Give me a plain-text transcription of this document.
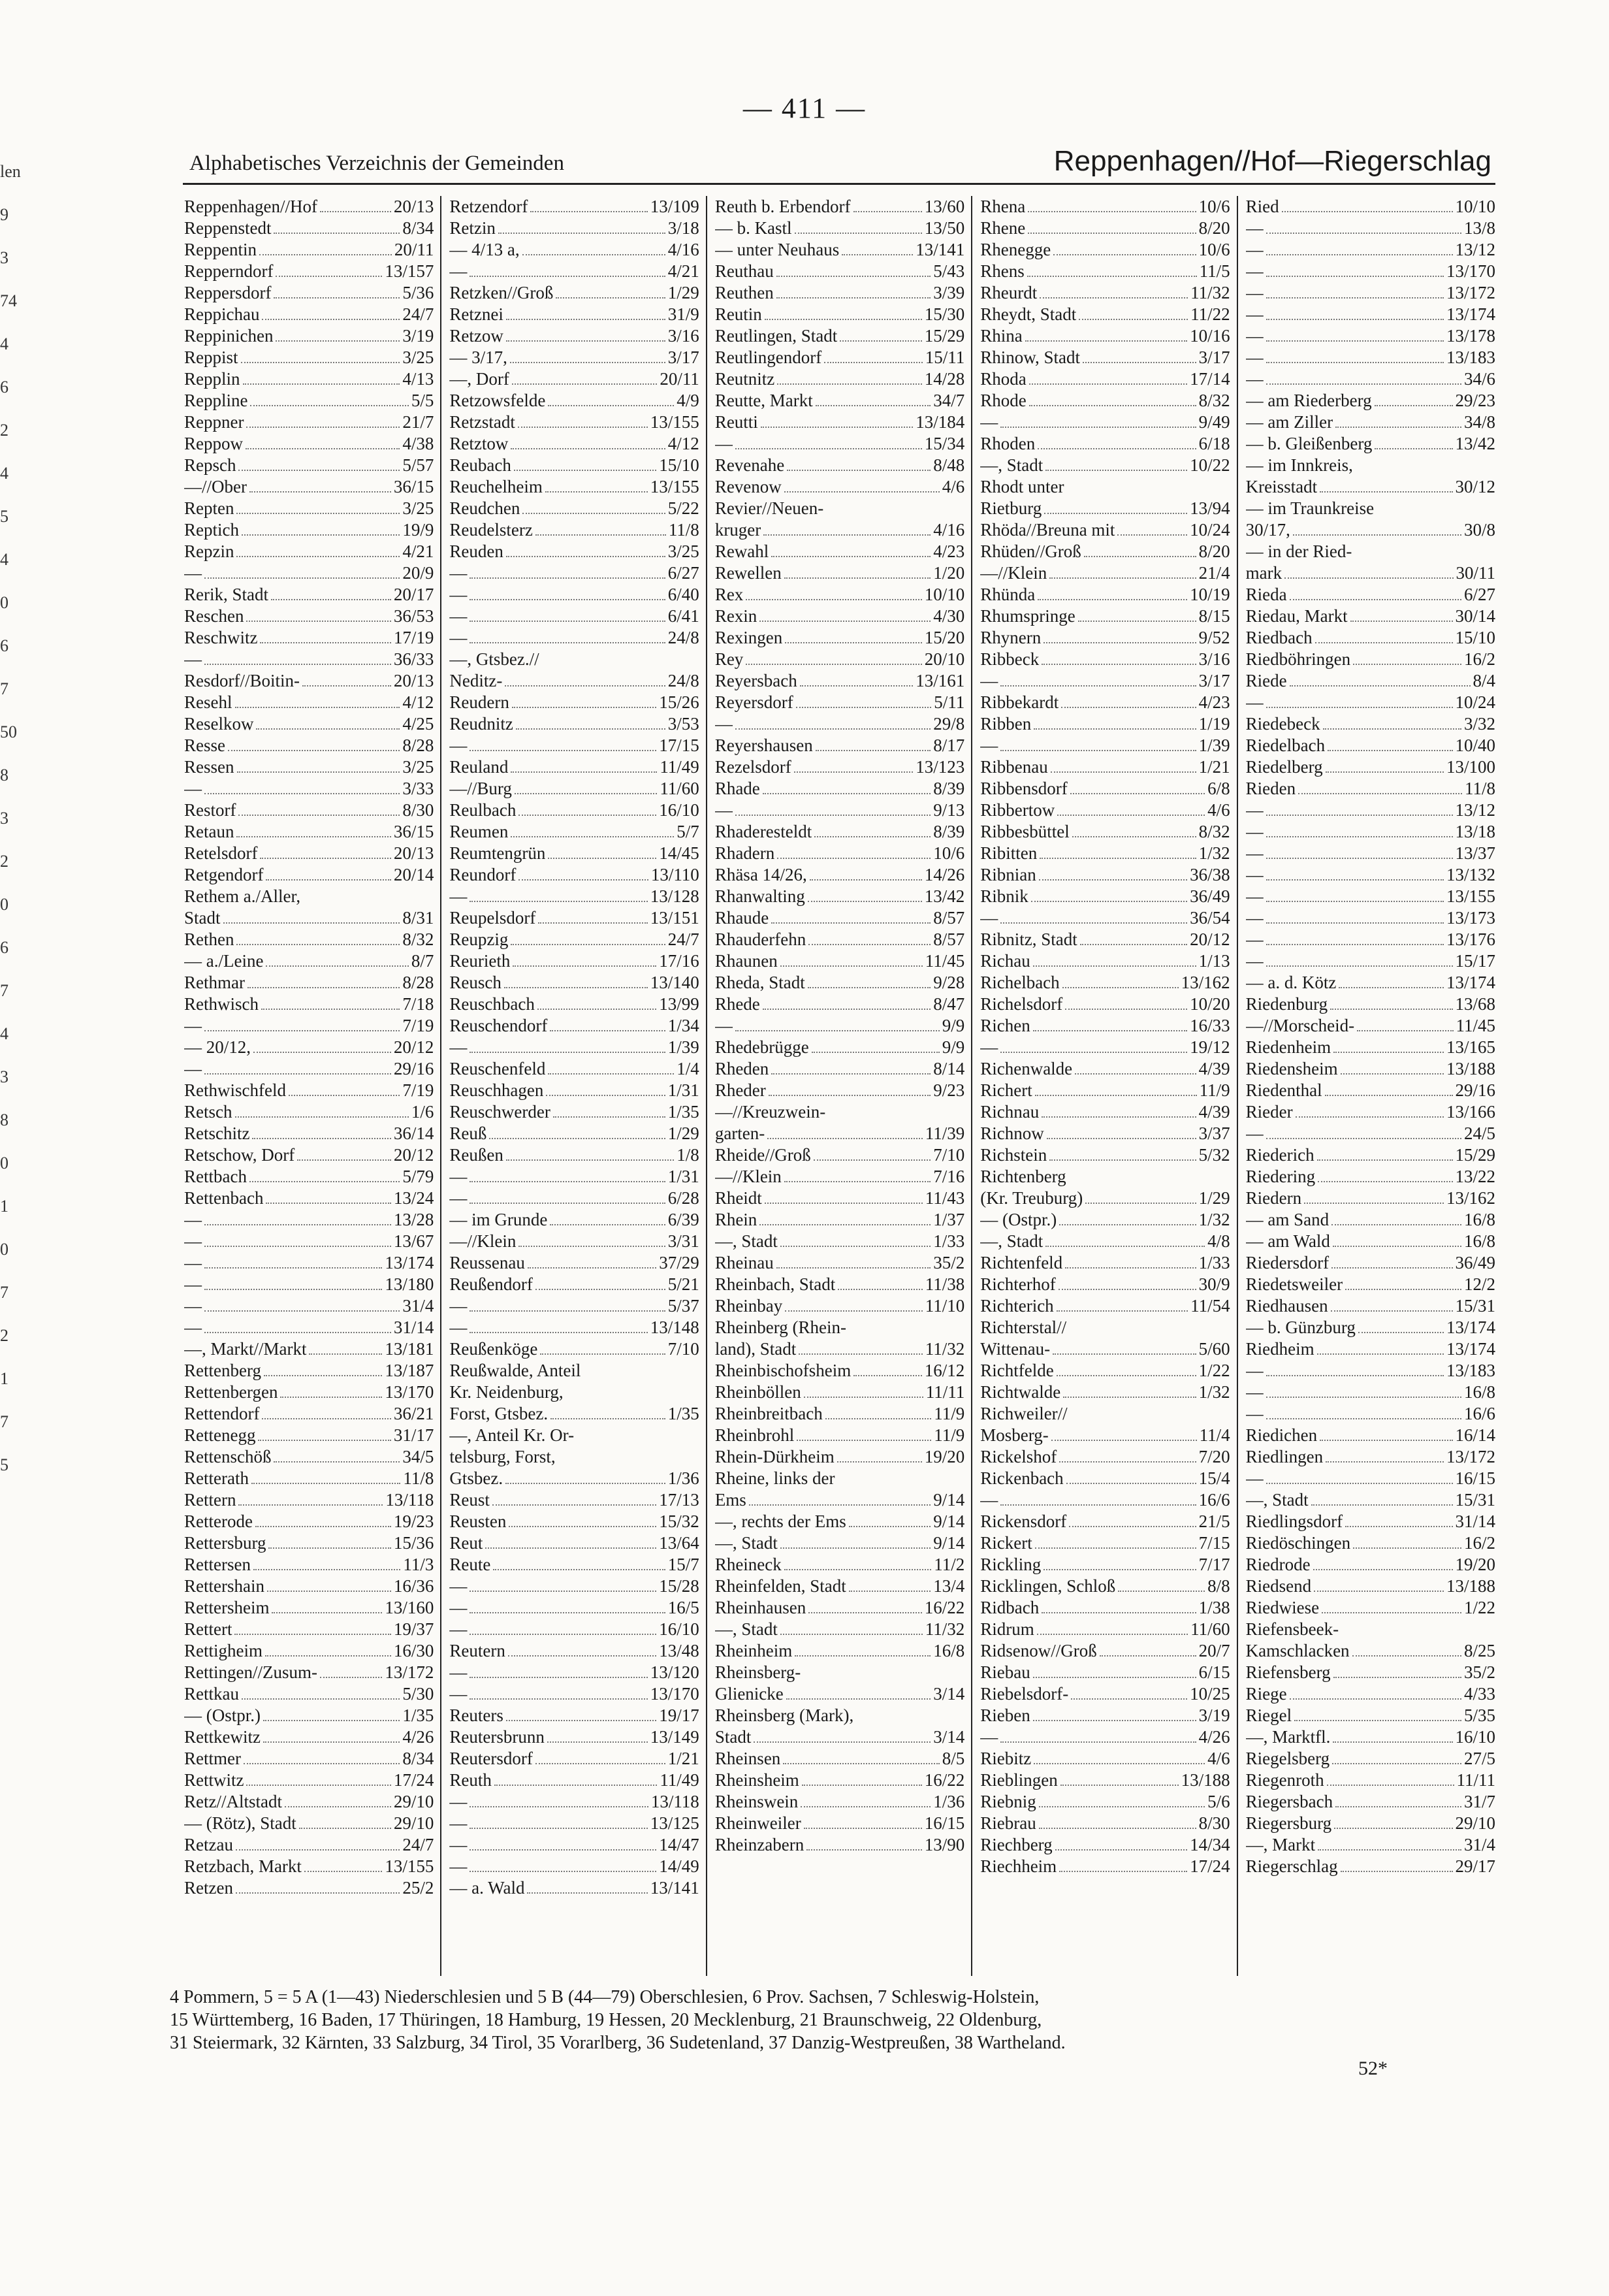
— 411 —
Alphabetisches Verzeichnis der Gemeinden	Reppenhagen//Hof—Riegerschlag
len
9
3
74
4
6
2
4
5
4
0
6
7
50
8
3
2
0
6
7
4
3
8
0
1
0
7
2
1
7
5
Reppenhagen//Hof	20/13
Reppenstedt	8/34
Reppentin	20/11
Repperndorf	13/157
Reppersdorf	5/36
Reppichau	24/7
Reppinichen	3/19
Reppist	3/25
Repplin	4/13
Reppline	5/5
Reppner	21/7
Reppow	4/38
Repsch	5/57
—//Ober	36/15
Repten	3/25
Reptich	19/9
Repzin	4/21
—	20/9
Rerik, Stadt	20/17
Reschen	36/53
Reschwitz	17/19
—	36/33
Resdorf//Boitin-	20/13
Resehl	4/12
Reselkow	4/25
Resse	8/28
Ressen	3/25
—	3/33
Restorf	8/30
Retaun	36/15
Retelsdorf	20/13
Retgendorf	20/14
Rethem a./Aller,
Stadt	8/31
Rethen	8/32
— a./Leine	8/7
Rethmar	8/28
Rethwisch	7/18
—	7/19
— 20/12,	20/12
—	29/16
Rethwischfeld	7/19
Retsch	1/6
Retschitz	36/14
Retschow, Dorf	20/12
Rettbach	5/79
Rettenbach	13/24
—	13/28
—	13/67
—	13/174
—	13/180
—	31/4
—	31/14
—, Markt//Markt	13/181
Rettenberg	13/187
Rettenbergen	13/170
Rettendorf	36/21
Rettenegg	31/17
Rettenschöß	34/5
Retterath	11/8
Rettern	13/118
Retterode	19/23
Rettersburg	15/36
Rettersen	11/3
Rettershain	16/36
Rettersheim	13/160
Rettert	19/37
Rettigheim	16/30
Rettingen//Zusum-	13/172
Rettkau	5/30
— (Ostpr.)	1/35
Rettkewitz	4/26
Rettmer	8/34
Rettwitz	17/24
Retz//Altstadt	29/10
— (Rötz), Stadt	29/10
Retzau	24/7
Retzbach, Markt	13/155
Retzen	25/2
Retzendorf	13/109
Retzin	3/18
— 4/13 a,	4/16
—	4/21
Retzken//Groß	1/29
Retznei	31/9
Retzow	3/16
— 3/17,	3/17
—, Dorf	20/11
Retzowsfelde	4/9
Retzstadt	13/155
Retztow	4/12
Reubach	15/10
Reuchelheim	13/155
Reudchen	5/22
Reudelsterz	11/8
Reuden	3/25
—	6/27
—	6/40
—	6/41
—	24/8
—, Gtsbez.//
Neditz-	24/8
Reudern	15/26
Reudnitz	3/53
—	17/15
Reuland	11/49
—//Burg	11/60
Reulbach	16/10
Reumen	5/7
Reumtengrün	14/45
Reundorf	13/110
—	13/128
Reupelsdorf	13/151
Reupzig	24/7
Reurieth	17/16
Reusch	13/140
Reuschbach	13/99
Reuschendorf	1/34
—	1/39
Reuschenfeld	1/4
Reuschhagen	1/31
Reuschwerder	1/35
Reuß	1/29
Reußen	1/8
—	1/31
—	6/28
— im Grunde	6/39
—//Klein	3/31
Reussenau	37/29
Reußendorf	5/21
—	5/37
—	13/148
Reußenköge	7/10
Reußwalde, Anteil
Kr. Neidenburg,
Forst, Gtsbez.	1/35
—, Anteil Kr. Or-
telsburg, Forst,
Gtsbez.	1/36
Reust	17/13
Reusten	15/32
Reut	13/64
Reute	15/7
—	15/28
—	16/5
—	16/10
Reutern	13/48
—	13/120
—	13/170
Reuters	19/17
Reutersbrunn	13/149
Reutersdorf	1/21
Reuth	11/49
—	13/118
—	13/125
—	14/47
—	14/49
— a. Wald	13/141
Reuth b. Erbendorf	13/60
— b. Kastl	13/50
— unter Neuhaus	13/141
Reuthau	5/43
Reuthen	3/39
Reutin	15/30
Reutlingen, Stadt	15/29
Reutlingendorf	15/11
Reutnitz	14/28
Reutte, Markt	34/7
Reutti	13/184
—	15/34
Revenahe	8/48
Revenow	4/6
Revier//Neuen-
kruger	4/16
Rewahl	4/23
Rewellen	1/20
Rex	10/10
Rexin	4/30
Rexingen	15/20
Rey	20/10
Reyersbach	13/161
Reyersdorf	5/11
—	29/8
Reyershausen	8/17
Rezelsdorf	13/123
Rhade	8/39
—	9/13
Rhaderesteldt	8/39
Rhadern	10/6
Rhäsa 14/26,	14/26
Rhanwalting	13/42
Rhaude	8/57
Rhauderfehn	8/57
Rhaunen	11/45
Rheda, Stadt	9/28
Rhede	8/47
—	9/9
Rhedebrügge	9/9
Rheden	8/14
Rheder	9/23
—//Kreuzwein-
garten-	11/39
Rheide//Groß	7/10
—//Klein	7/16
Rheidt	11/43
Rhein	1/37
—, Stadt	1/33
Rheinau	35/2
Rheinbach, Stadt	11/38
Rheinbay	11/10
Rheinberg (Rhein-
land), Stadt	11/32
Rheinbischofsheim	16/12
Rheinböllen	11/11
Rheinbreitbach	11/9
Rheinbrohl	11/9
Rhein-Dürkheim	19/20
Rheine, links der
Ems	9/14
—, rechts der Ems	9/14
—, Stadt	9/14
Rheineck	11/2
Rheinfelden, Stadt	13/4
Rheinhausen	16/22
—, Stadt	11/32
Rheinheim	16/8
Rheinsberg-
Glienicke	3/14
Rheinsberg (Mark),
Stadt	3/14
Rheinsen	8/5
Rheinsheim	16/22
Rheinswein	1/36
Rheinweiler	16/15
Rheinzabern	13/90
Rhena	10/6
Rhene	8/20
Rhenegge	10/6
Rhens	11/5
Rheurdt	11/32
Rheydt, Stadt	11/22
Rhina	10/16
Rhinow, Stadt	3/17
Rhoda	17/14
Rhode	8/32
—	9/49
Rhoden	6/18
—, Stadt	10/22
Rhodt unter
Rietburg	13/94
Rhöda//Breuna mit	10/24
Rhüden//Groß	8/20
—//Klein	21/4
Rhünda	10/19
Rhumspringe	8/15
Rhynern	9/52
Ribbeck	3/16
—	3/17
Ribbekardt	4/23
Ribben	1/19
—	1/39
Ribbenau	1/21
Ribbensdorf	6/8
Ribbertow	4/6
Ribbesbüttel	8/32
Ribitten	1/32
Ribnian	36/38
Ribnik	36/49
—	36/54
Ribnitz, Stadt	20/12
Richau	1/13
Richelbach	13/162
Richelsdorf	10/20
Richen	16/33
—	19/12
Richenwalde	4/39
Richert	11/9
Richnau	4/39
Richnow	3/37
Richstein	5/32
Richtenberg
(Kr. Treuburg)	1/29
— (Ostpr.)	1/32
—, Stadt	4/8
Richtenfeld	1/33
Richterhof	30/9
Richterich	11/54
Richterstal//
Wittenau-	5/60
Richtfelde	1/22
Richtwalde	1/32
Richweiler//
Mosberg-	11/4
Rickelshof	7/20
Rickenbach	15/4
—	16/6
Rickensdorf	21/5
Rickert	7/15
Rickling	7/17
Ricklingen, Schloß	8/8
Ridbach	1/38
Ridrum	11/60
Ridsenow//Groß	20/7
Riebau	6/15
Riebelsdorf-	10/25
Rieben	3/19
—	4/26
Riebitz	4/6
Rieblingen	13/188
Riebnig	5/6
Riebrau	8/30
Riechberg	14/34
Riechheim	17/24
Ried	10/10
—	13/8
—	13/12
—	13/170
—	13/172
—	13/174
—	13/178
—	13/183
—	34/6
— am Riederberg	29/23
— am Ziller	34/8
— b. Gleißenberg	13/42
— im Innkreis,
Kreisstadt	30/12
— im Traunkreise
30/17,	30/8
— in der Ried-
mark	30/11
Rieda	6/27
Riedau, Markt	30/14
Riedbach	15/10
Riedböhringen	16/2
Riede	8/4
—	10/24
Riedebeck	3/32
Riedelbach	10/40
Riedelberg	13/100
Rieden	11/8
—	13/12
—	13/18
—	13/37
—	13/132
—	13/155
—	13/173
—	13/176
—	15/17
— a. d. Kötz	13/174
Riedenburg	13/68
—//Morscheid-	11/45
Riedenheim	13/165
Riedensheim	13/188
Riedenthal	29/16
Rieder	13/166
—	24/5
Riederich	15/29
Riedering	13/22
Riedern	13/162
— am Sand	16/8
— am Wald	16/8
Riedersdorf	36/49
Riedetsweiler	12/2
Riedhausen	15/31
— b. Günzburg	13/174
Riedheim	13/174
—	13/183
—	16/8
—	16/6
Riedichen	16/14
Riedlingen	13/172
—	16/15
—, Stadt	15/31
Riedlingsdorf	31/14
Riedöschingen	16/2
Riedrode	19/20
Riedsend	13/188
Riedwiese	1/22
Riefensbeek-
Kamschlacken	8/25
Riefensberg	35/2
Riege	4/33
Riegel	5/35
—, Marktfl.	16/10
Riegelsberg	27/5
Riegenroth	11/11
Riegersbach	31/7
Riegersburg	29/10
—, Markt	31/4
Riegerschlag	29/17
4 Pommern, 5 = 5 A (1—43) Niederschlesien und 5 B (44—79) Oberschlesien, 6 Prov. Sachsen, 7 Schleswig-Holstein,
15 Württemberg, 16 Baden, 17 Thüringen, 18 Hamburg, 19 Hessen, 20 Mecklenburg, 21 Braunschweig, 22 Oldenburg,
31 Steiermark, 32 Kärnten, 33 Salzburg, 34 Tirol, 35 Vorarlberg, 36 Sudetenland, 37 Danzig-Westpreußen, 38 Wartheland.
52*
